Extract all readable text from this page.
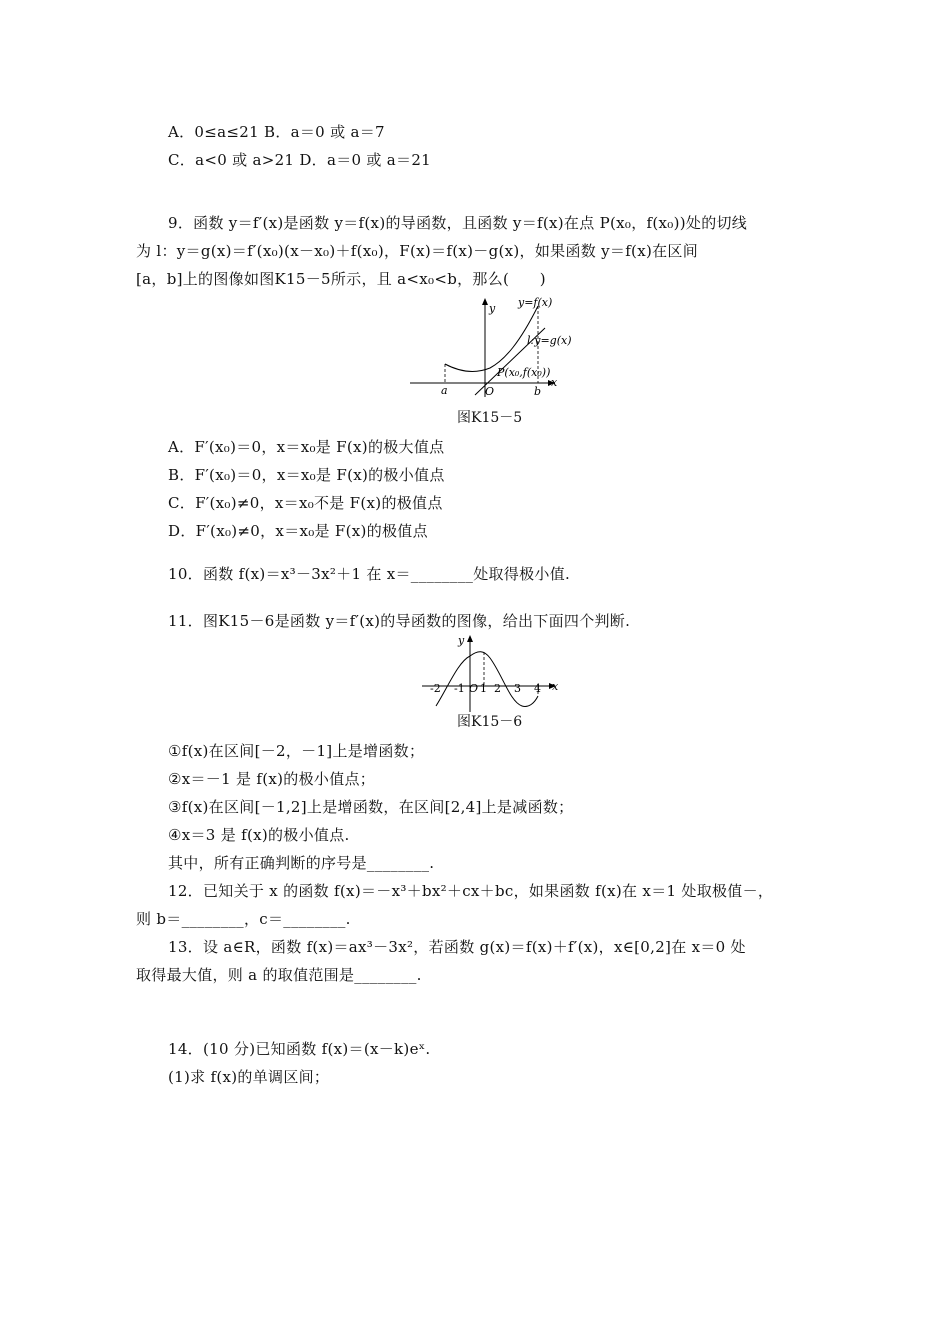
A．0≤a≤21 B．a＝0 或 a＝7
C．a<0 或 a>21 D．a＝0 或 a＝21
9．函数 y＝f′(x)是函数 y＝f(x)的导函数，且函数 y＝f(x)在点 P(x₀，f(x₀))处的切线
为 l：y＝g(x)＝f′(x₀)(x－x₀)＋f(x₀)，F(x)＝f(x)－g(x)，如果函数 y＝f(x)在区间
[a，b]上的图像如图K15－5所示，且 a<x₀<b，那么(　　)
y
x
y=f(x)
l:y=g(x)
P(x₀,f(x₀))
a	O	b
图K15－5
A．F′(x₀)＝0，x＝x₀是 F(x)的极大值点
B．F′(x₀)＝0，x＝x₀是 F(x)的极小值点
C．F′(x₀)≠0，x＝x₀不是 F(x)的极值点
D．F′(x₀)≠0，x＝x₀是 F(x)的极值点
10．函数 f(x)＝x³－3x²＋1 在 x＝________处取得极小值.
11．图K15－6是函数 y＝f′(x)的导函数的图像，给出下面四个判断.
y
x
-2 -1 O 1 2 3 4
图K15－6
①f(x)在区间[－2，－1]上是增函数；
②x＝－1 是 f(x)的极小值点；
③f(x)在区间[－1,2]上是增函数，在区间[2,4]上是减函数；
④x＝3 是 f(x)的极小值点.
其中，所有正确判断的序号是________.
12．已知关于 x 的函数 f(x)＝－x³＋bx²＋cx＋bc，如果函数 f(x)在 x＝1 处取极值－，
则 b＝________，c＝________.
13．设 a∈R，函数 f(x)＝ax³－3x²，若函数 g(x)＝f(x)＋f′(x)，x∈[0,2]在 x＝0 处
取得最大值，则 a 的取值范围是________.
14．(10 分)已知函数 f(x)＝(x－k)eˣ.
(1)求 f(x)的单调区间；
